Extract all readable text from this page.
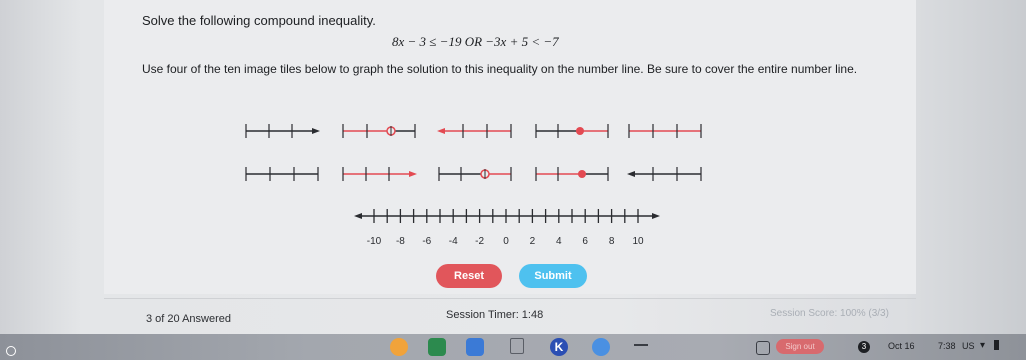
Solve the following compound inequality.
8x − 3 ≤ −19 OR −3x + 5 < −7
Use four of the ten image tiles below to graph the solution to this inequality on the number line. Be sure to cover the entire number line.
-10 -8 -6 -4 -2 0 2 4 6 8 10
Reset	Submit
3 of 20 Answered	Session Timer: 1:48	Session Score: 100% (3/3)
K	Sign out	3	Oct 16	7:38 US ▾
